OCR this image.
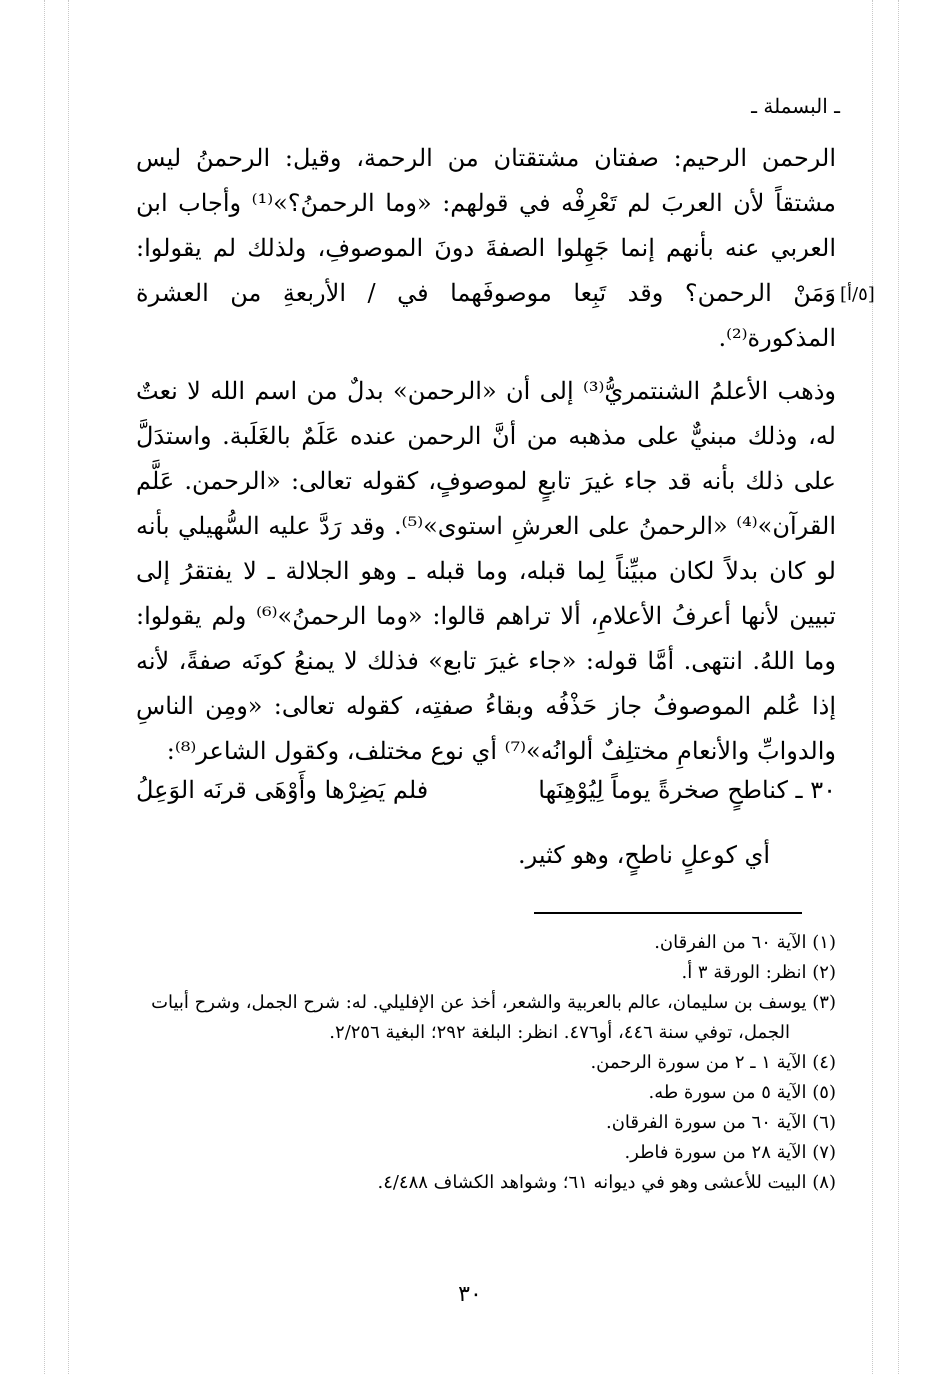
ـ البسملة ـ
[٥/أ]

الرحمن الرحيم: صفتان مشتقتان من الرحمة، وقيل: الرحمنُ ليس مشتقاً لأن العربَ لم تَعْرِفْه في قولهم: «وما الرحمنُ؟»⁽¹⁾ وأجاب ابن العربي عنه بأنهم إنما جَهِلوا الصفةَ دونَ الموصوفِ، ولذلك لم يقولوا: وَمَنْ الرحمن؟ وقد تَبِعا موصوفَهما في / الأربعةِ من العشرة المذكورة⁽²⁾.

وذهب الأعلمُ الشنتمريُّ⁽³⁾ إلى أن «الرحمن» بدلٌ من اسم الله لا نعتٌ له، وذلك مبنيٌّ على مذهبه من أنَّ الرحمن عنده عَلَمٌ بالغَلَبة. واستدَلَّ على ذلك بأنه قد جاء غيرَ تابعٍ لموصوفٍ، كقوله تعالى: «الرحمن. عَلَّم القرآن»⁽⁴⁾ «الرحمنُ على العرشِ استوى»⁽⁵⁾. وقد رَدَّ عليه السُّهيلي بأنه لو كان بدلاً لكان مبيِّناً لِما قبله، وما قبله ـ وهو الجلالة ـ لا يفتقرُ إلى تبيين لأنها أعرفُ الأعلامِ، ألا تراهم قالوا: «وما الرحمنُ»⁽⁶⁾ ولم يقولوا: وما اللهُ. انتهى. أمَّا قوله: «جاء غيرَ تابع» فذلك لا يمنعُ كونَه صفةً، لأنه إذا عُلم الموصوفُ جاز حَذْفُه وبقاءُ صفتِه، كقوله تعالى: «ومِن الناسِ والدوابِّ والأنعامِ مختلِفٌ ألوانُه»⁽⁷⁾ أي نوع مختلف، وكقول الشاعر⁽⁸⁾:

٣٠ ـ كناطحٍ صخرةً يوماً لِيُوْهِنَها
فلم يَضِرْها وأَوْهَى قرنَه الوَعِلُ
أي كوعلٍ ناطحٍ، وهو كثير.
(١) الآية ٦٠ من الفرقان.
(٢) انظر: الورقة ٣ أ.
(٣) يوسف بن سليمان، عالم بالعربية والشعر، أخذ عن الإفليلي. له: شرح الجمل، وشرح أبيات الجمل، توفي سنة ٤٤٦، أو٤٧٦. انظر: البلغة ٢٩٢؛ البغية ٢/٢٥٦.
(٤) الآية ١ ـ ٢ من سورة الرحمن.
(٥) الآية ٥ من سورة طه.
(٦) الآية ٦٠ من سورة الفرقان.
(٧) الآية ٢٨ من سورة فاطر.
(٨) البيت للأعشى وهو في ديوانه ٦١؛ وشواهد الكشاف ٤/٤٨٨.
٣٠
